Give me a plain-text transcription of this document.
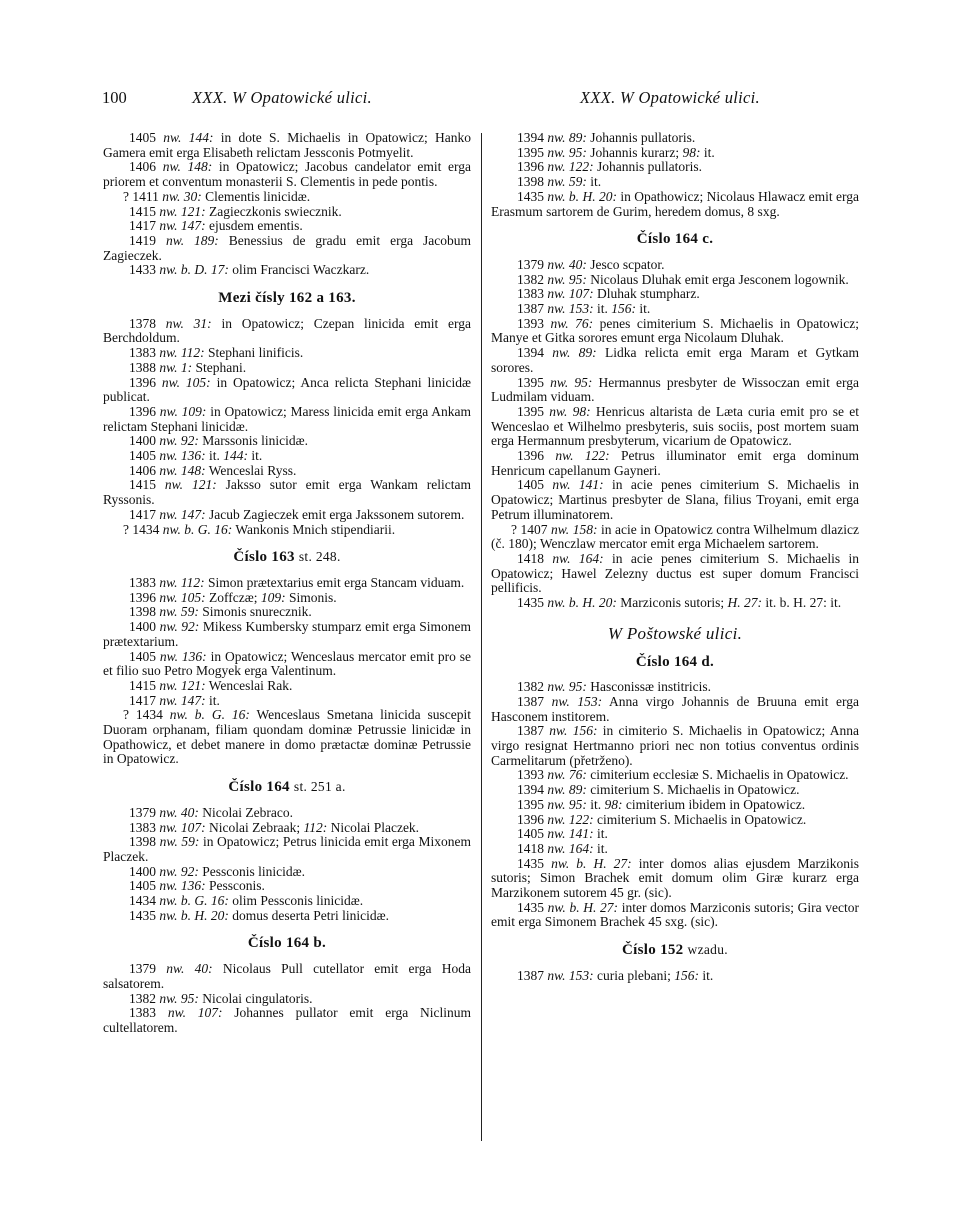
100	XXX. W Opatowické ulici.	XXX. W Opatowické ulici.

1405 nw. 144: in dote S. Michaelis in Opatowicz; Hanko Gamera emit erga Elisabeth relictam Jessconis Potmyelit.

1406 nw. 148: in Opatowicz; Jacobus candelator emit erga priorem et conventum monasterii S. Clementis in pede pontis.

? 1411 nw. 30: Clementis linicidæ.

1415 nw. 121: Zagieczkonis swiecznik.

1417 nw. 147: ejusdem ementis.

1419 nw. 189: Benessius de gradu emit erga Jacobum Zagieczek.

1433 nw. b. D. 17: olim Francisci Waczkarz.

Mezi čísly 162 a 163.

1378 nw. 31: in Opatowicz; Czepan linicida emit erga Berchdoldum.

1383 nw. 112: Stephani linificis.

1388 nw. 1: Stephani.

1396 nw. 105: in Opatowicz; Anca relicta Stephani linicidæ publicat.

1396 nw. 109: in Opatowicz; Maress linicida emit erga Ankam relictam Stephani linicidæ.

1400 nw. 92: Marssonis linicidæ.

1405 nw. 136: it. 144: it.

1406 nw. 148: Wenceslai Ryss.

1415 nw. 121: Jaksso sutor emit erga Wankam relictam Ryssonis.

1417 nw. 147: Jacub Zagieczek emit erga Jakssonem sutorem.

? 1434 nw. b. G. 16: Wankonis Mnich stipendiarii.

Číslo 163 st. 248.

1383 nw. 112: Simon prætextarius emit erga Stancam viduam.

1396 nw. 105: Zoffczæ; 109: Simonis.

1398 nw. 59: Simonis snurecznik.

1400 nw. 92: Mikess Kumbersky stumparz emit erga Simonem prætextarium.

1405 nw. 136: in Opatowicz; Wenceslaus mercator emit pro se et filio suo Petro Mogyek erga Valentinum.

1415 nw. 121: Wenceslai Rak.

1417 nw. 147: it.

? 1434 nw. b. G. 16: Wenceslaus Smetana linicida suscepit Duoram orphanam, filiam quondam dominæ Petrussie linicidæ in Opathowicz, et debet manere in domo prætactæ dominæ Petrussie in Opatowicz.

Číslo 164 st. 251 a.

1379 nw. 40: Nicolai Zebraco.

1383 nw. 107: Nicolai Zebraak; 112: Nicolai Placzek.

1398 nw. 59: in Opatowicz; Petrus linicida emit erga Mixonem Placzek.

1400 nw. 92: Pessconis linicidæ.

1405 nw. 136: Pessconis.

1434 nw. b. G. 16: olim Pessconis linicidæ.

1435 nw. b. H. 20: domus deserta Petri linicidæ.

Číslo 164 b.

1379 nw. 40: Nicolaus Pull cutellator emit erga Hoda salsatorem.

1382 nw. 95: Nicolai cingulatoris.

1383 nw. 107: Johannes pullator emit erga Niclinum cultellatorem.

1394 nw. 89: Johannis pullatoris.

1395 nw. 95: Johannis kurarz; 98: it.

1396 nw. 122: Johannis pullatoris.

1398 nw. 59: it.

1435 nw. b. H. 20: in Opathowicz; Nicolaus Hlawacz emit erga Erasmum sartorem de Gurim, heredem domus, 8 sxg.

Číslo 164 c.

1379 nw. 40: Jesco scpator.

1382 nw. 95: Nicolaus Dluhak emit erga Jesconem logownik.

1383 nw. 107: Dluhak stumpharz.

1387 nw. 153: it. 156: it.

1393 nw. 76: penes cimiterium S. Michaelis in Opatowicz; Manye et Gitka sorores emunt erga Nicolaum Dluhak.

1394 nw. 89: Lidka relicta emit erga Maram et Gytkam sorores.

1395 nw. 95: Hermannus presbyter de Wissoczan emit erga Ludmilam viduam.

1395 nw. 98: Henricus altarista de Læta curia emit pro se et Wenceslao et Wilhelmo presbyteris, suis sociis, post mortem suam erga Hermannum presbyterum, vicarium de Opatowicz.

1396 nw. 122: Petrus illuminator emit erga dominum Henricum capellanum Gayneri.

1405 nw. 141: in acie penes cimiterium S. Michaelis in Opatowicz; Martinus presbyter de Slana, filius Troyani, emit erga Petrum illuminatorem.

? 1407 nw. 158: in acie in Opatowicz contra Wilhelmum dlazicz (č. 180); Wenczlaw mercator emit erga Michaelem sartorem.

1418 nw. 164: in acie penes cimiterium S. Michaelis in Opatowicz; Hawel Zelezny ductus est super domum Francisci pellificis.

1435 nw. b. H. 20: Marziconis sutoris; H. 27: it. b. H. 27: it.

W Poštowské ulici.
Číslo 164 d.

1382 nw. 95: Hasconissæ institricis.

1387 nw. 153: Anna virgo Johannis de Bruuna emit erga Hasconem institorem.

1387 nw. 156: in cimiterio S. Michaelis in Opatowicz; Anna virgo resignat Hertmanno priori nec non totius conventus ordinis Carmelitarum (přetrženo).

1393 nw. 76: cimiterium ecclesiæ S. Michaelis in Opatowicz.

1394 nw. 89: cimiterium S. Michaelis in Opatowicz.

1395 nw. 95: it. 98: cimiterium ibidem in Opatowicz.

1396 nw. 122: cimiterium S. Michaelis in Opatowicz.

1405 nw. 141: it.

1418 nw. 164: it.

1435 nw. b. H. 27: inter domos alias ejusdem Marzikonis sutoris; Simon Brachek emit domum olim Giræ kurarz erga Marzikonem sutorem 45 gr. (sic).

1435 nw. b. H. 27: inter domos Marziconis sutoris; Gira vector emit erga Simonem Brachek 45 sxg. (sic).

Číslo 152 wzadu.

1387 nw. 153: curia plebani; 156: it.
